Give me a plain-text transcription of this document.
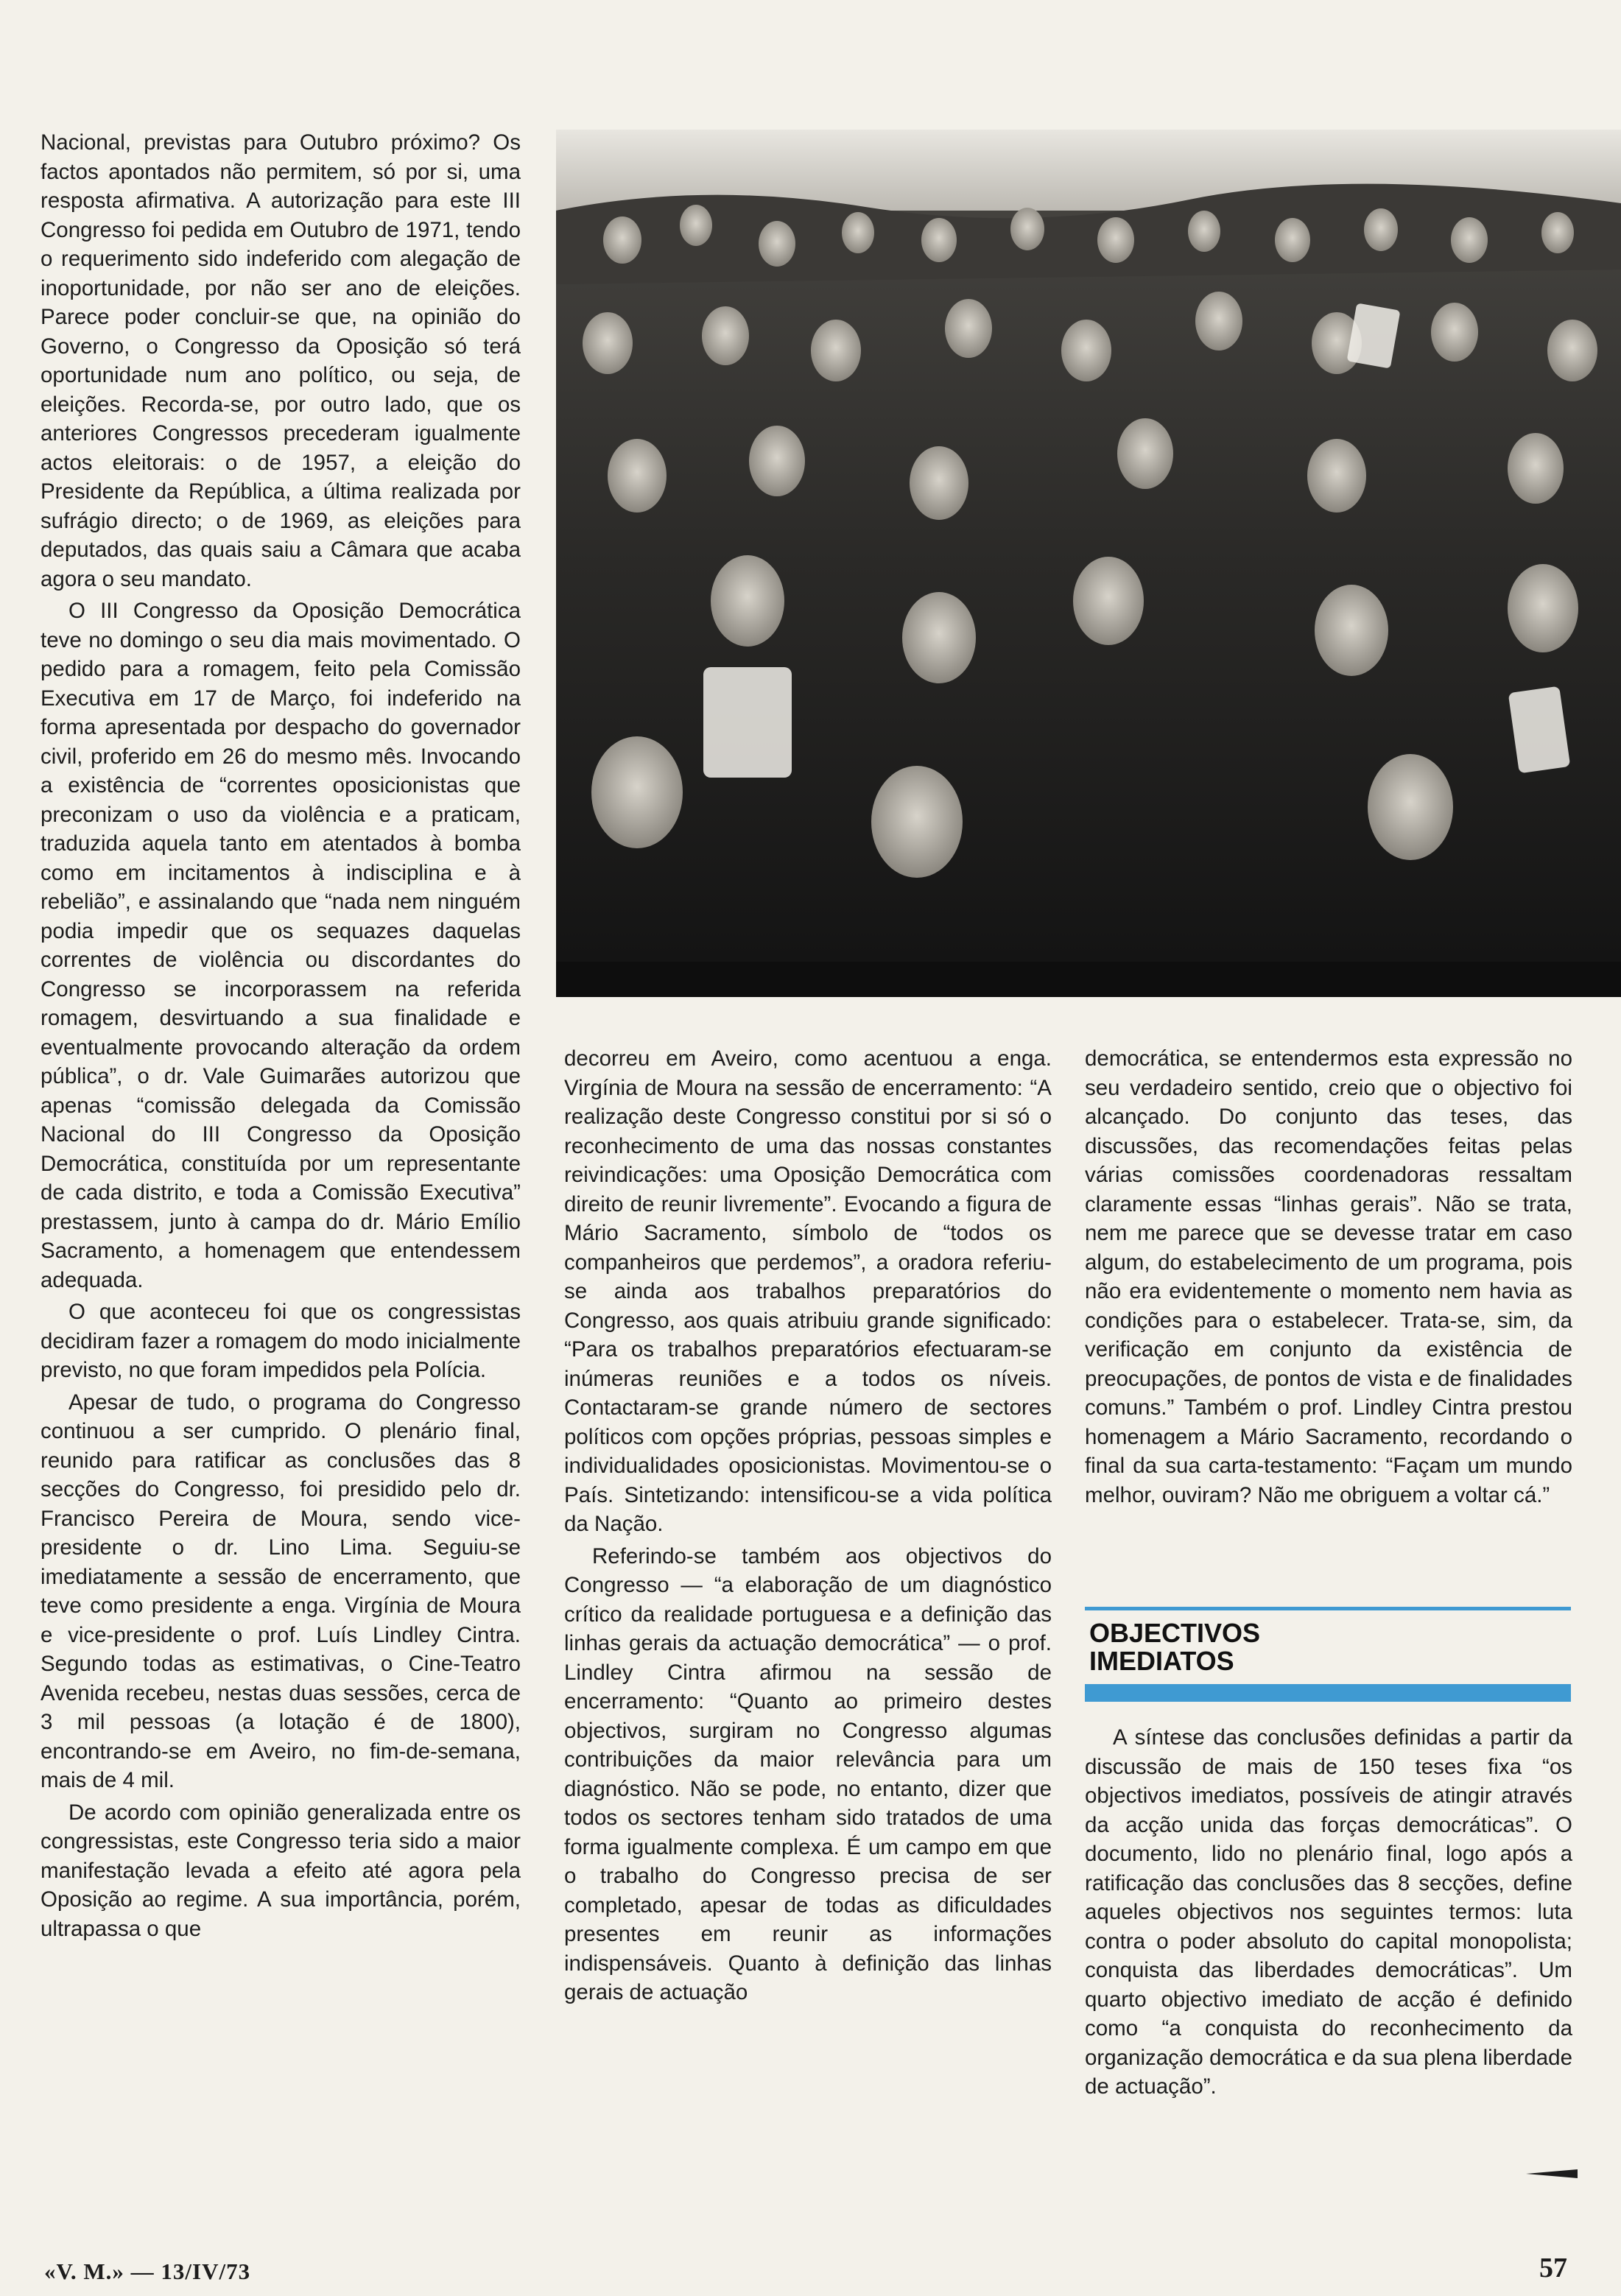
Nacional, previstas para Outubro próximo? Os factos apontados não permitem, só por si, uma resposta afirmativa. A autorização para este III Congresso foi pedida em Outubro de 1971, tendo o requerimento sido indeferido com alegação de inoportunidade, por não ser ano de eleições. Parece poder concluir-se que, na opinião do Governo, o Congresso da Oposição só terá oportunidade num ano político, ou seja, de eleições. Recorda-se, por outro lado, que os anteriores Congressos precederam igualmente actos eleitorais: o de 1957, a eleição do Presidente da República, a última realizada por sufrágio directo; o de 1969, as eleições para deputados, das quais saiu a Câmara que acaba agora o seu mandato.

O III Congresso da Oposição Democrática teve no domingo o seu dia mais movimentado. O pedido para a romagem, feito pela Comissão Executiva em 17 de Março, foi indeferido na forma apresentada por despacho do governador civil, proferido em 26 do mesmo mês. Invocando a existência de “correntes oposicionistas que preconizam o uso da violência e a praticam, traduzida aquela tanto em atentados à bomba como em incitamentos à indisciplina e à rebelião”, e assinalando que “nada nem ninguém podia impedir que os sequazes daquelas correntes de violência ou discordantes do Congresso se incorporassem na referida romagem, desvirtuando a sua finalidade e eventualmente provocando alteração da ordem pública”, o dr. Vale Guimarães autorizou que apenas “comissão delegada da Comissão Nacional do III Congresso da Oposição Democrática, constituída por um representante de cada distrito, e toda a Comissão Executiva” prestassem, junto à campa do dr. Mário Emílio Sacramento, a homenagem que entendessem adequada.

O que aconteceu foi que os congressistas decidiram fazer a romagem do modo inicialmente previsto, no que foram impedidos pela Polícia.

Apesar de tudo, o programa do Congresso continuou a ser cumprido. O plenário final, reunido para ratificar as conclusões das 8 secções do Congresso, foi presidido pelo dr. Francisco Pereira de Moura, sendo vice-presidente o dr. Lino Lima. Seguiu-se imediatamente a sessão de encerramento, que teve como presidente a enga. Virgínia de Moura e vice-presidente o prof. Luís Lindley Cintra. Segundo todas as estimativas, o Cine-Teatro Avenida recebeu, nestas duas sessões, cerca de 3 mil pessoas (a lotação é de 1800), encontrando-se em Aveiro, no fim-de-semana, mais de 4 mil.

De acordo com opinião generalizada entre os congressistas, este Congresso teria sido a maior manifestação levada a efeito até agora pela Oposição ao regime. A sua importância, porém, ultrapassa o que

decorreu em Aveiro, como acentuou a enga. Virgínia de Moura na sessão de encerramento: “A realização deste Congresso constitui por si só o reconhecimento de uma das nossas constantes reivindicações: uma Oposição Democrática com direito de reunir livremente”. Evocando a figura de Mário Sacramento, símbolo de “todos os companheiros que perdemos”, a oradora referiu-se ainda aos trabalhos preparatórios do Congresso, aos quais atribuiu grande significado: “Para os trabalhos preparatórios efectuaram-se inúmeras reuniões e a todos os níveis. Contactaram-se grande número de sectores políticos com opções próprias, pessoas simples e individualidades oposicionistas. Movimentou-se o País. Sintetizando: intensificou-se a vida política da Nação.

Referindo-se também aos objectivos do Congresso — “a elaboração de um diagnóstico crítico da realidade portuguesa e a definição das linhas gerais da actuação democrática” — o prof. Lindley Cintra afirmou na sessão de encerramento: “Quanto ao primeiro destes objectivos, surgiram no Congresso algumas contribuições da maior relevância para um diagnóstico. Não se pode, no entanto, dizer que todos os sectores tenham sido tratados de uma forma igualmente complexa. É um campo em que o trabalho do Congresso precisa de ser completado, apesar de todas as dificuldades presentes em reunir as informações indispensáveis. Quanto à definição das linhas gerais de actuação

democrática, se entendermos esta expressão no seu verdadeiro sentido, creio que o objectivo foi alcançado. Do conjunto das teses, das discussões, das recomendações feitas pelas várias comissões coordenadoras ressaltam claramente essas “linhas gerais”. Não se trata, nem me parece que se devesse tratar em caso algum, do estabelecimento de um programa, pois não era evidentemente o momento nem havia as condições para o estabelecer. Trata-se, sim, da verificação em conjunto da existência de preocupações, de pontos de vista e de finalidades comuns.” Também o prof. Lindley Cintra prestou homenagem a Mário Sacramento, recordando o final da sua carta-testamento: “Façam um mundo melhor, ouviram? Não me obriguem a voltar cá.”

OBJECTIVOS
IMEDIATOS

A síntese das conclusões definidas a partir da discussão de mais de 150 teses fixa “os objectivos imediatos, possíveis de atingir através da acção unida das forças democráticas”. O documento, lido no plenário final, logo após a ratificação das conclusões das 8 secções, define aqueles objectivos nos seguintes termos: luta contra o poder absoluto do capital monopolista; conquista das liberdades democráticas”. Um quarto objectivo imediato de acção é definido como “a conquista do reconhecimento da organização democrática e da sua plena liberdade de actuação”.

«V. M.» — 13/IV/73	57
